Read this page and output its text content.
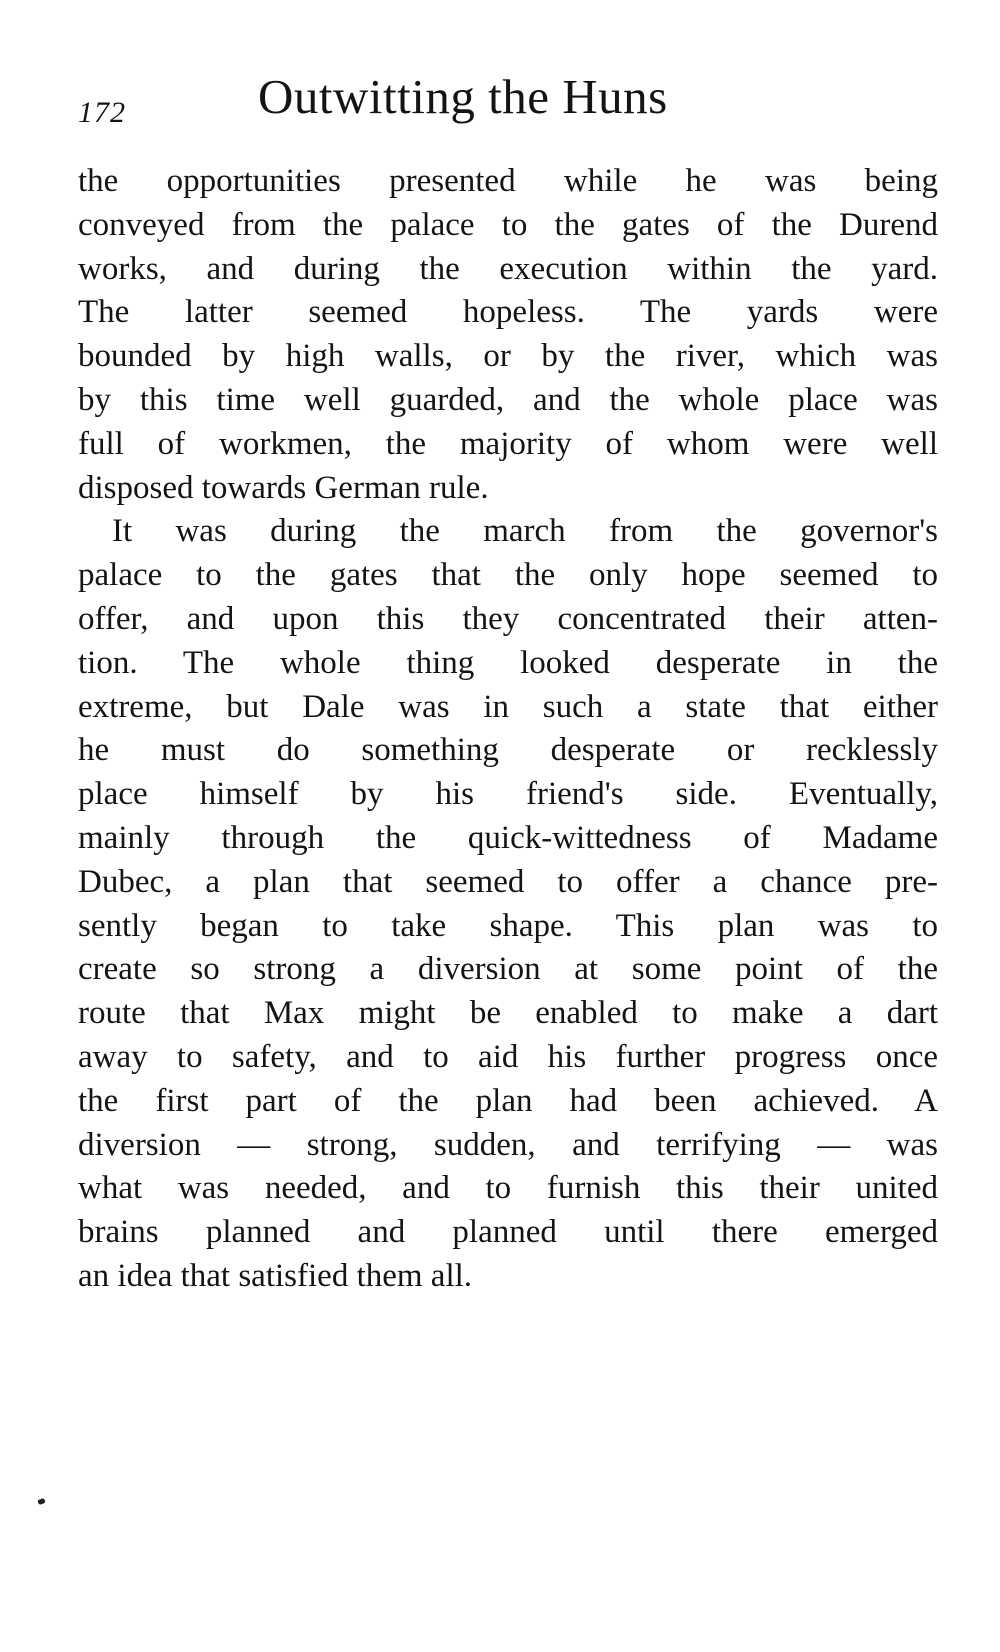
172	Outwitting the Huns
the opportunities presented while he was being
conveyed from the palace to the gates of the Durend
works, and during the execution within the yard.
The latter seemed hopeless. The yards were
bounded by high walls, or by the river, which was
by this time well guarded, and the whole place was
full of workmen, the majority of whom were well
disposed towards German rule.
It was during the march from the governor's
palace to the gates that the only hope seemed to
offer, and upon this they concentrated their atten-
tion. The whole thing looked desperate in the
extreme, but Dale was in such a state that either
he must do something desperate or recklessly
place himself by his friend's side. Eventually,
mainly through the quick-wittedness of Madame
Dubec, a plan that seemed to offer a chance pre-
sently began to take shape. This plan was to
create so strong a diversion at some point of the
route that Max might be enabled to make a dart
away to safety, and to aid his further progress once
the first part of the plan had been achieved. A
diversion — strong, sudden, and terrifying — was
what was needed, and to furnish this their united
brains planned and planned until there emerged
an idea that satisfied them all.
